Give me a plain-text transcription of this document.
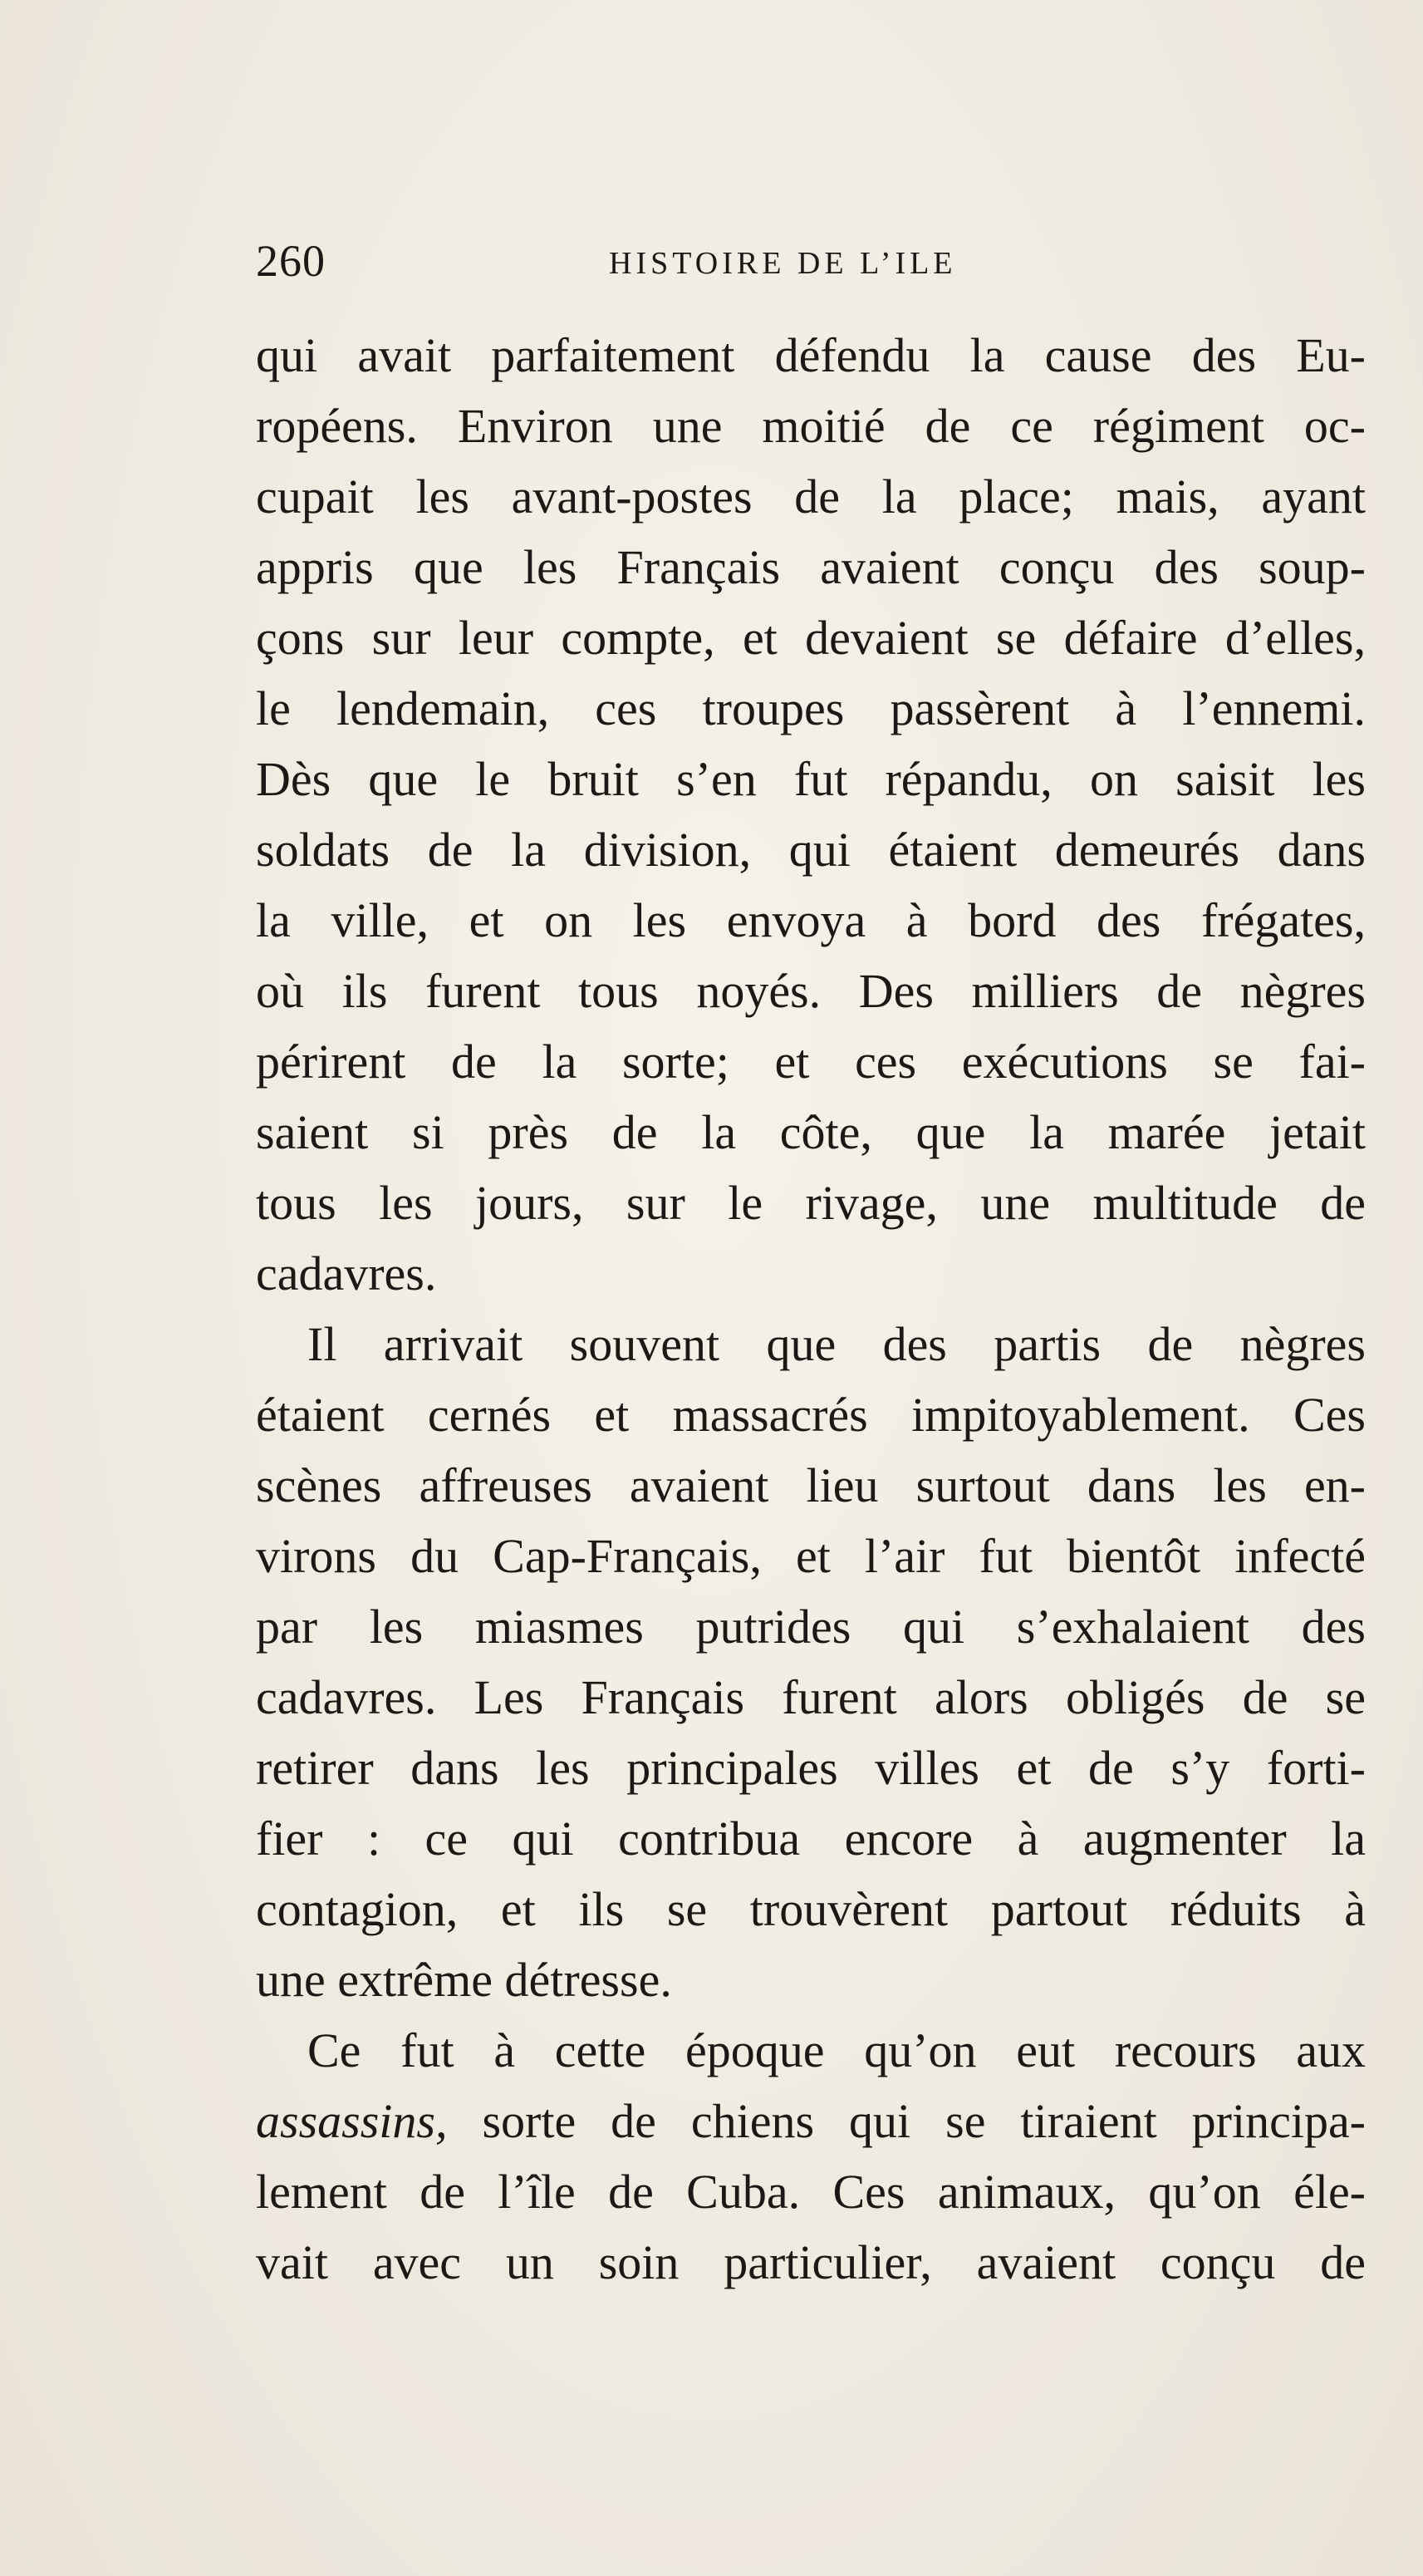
260	HISTOIRE DE L’ILE
qui avait parfaitement défendu la cause des Eu-
ropéens. Environ une moitié de ce régiment oc-
cupait les avant-postes de la place; mais, ayant
appris que les Français avaient conçu des soup-
çons sur leur compte, et devaient se défaire d’elles,
le lendemain, ces troupes passèrent à l’ennemi.
Dès que le bruit s’en fut répandu, on saisit les
soldats de la division, qui étaient demeurés dans
la ville, et on les envoya à bord des frégates,
où ils furent tous noyés. Des milliers de nègres
périrent de la sorte; et ces exécutions se fai-
saient si près de la côte, que la marée jetait
tous les jours, sur le rivage, une multitude de
cadavres.
Il arrivait souvent que des partis de nègres
étaient cernés et massacrés impitoyablement. Ces
scènes affreuses avaient lieu surtout dans les en-
virons du Cap-Français, et l’air fut bientôt infecté
par les miasmes putrides qui s’exhalaient des
cadavres. Les Français furent alors obligés de se
retirer dans les principales villes et de s’y forti-
fier : ce qui contribua encore à augmenter la
contagion, et ils se trouvèrent partout réduits à
une extrême détresse.
Ce fut à cette époque qu’on eut recours aux
assassins, sorte de chiens qui se tiraient principa-
lement de l’île de Cuba. Ces animaux, qu’on éle-
vait avec un soin particulier, avaient conçu de
